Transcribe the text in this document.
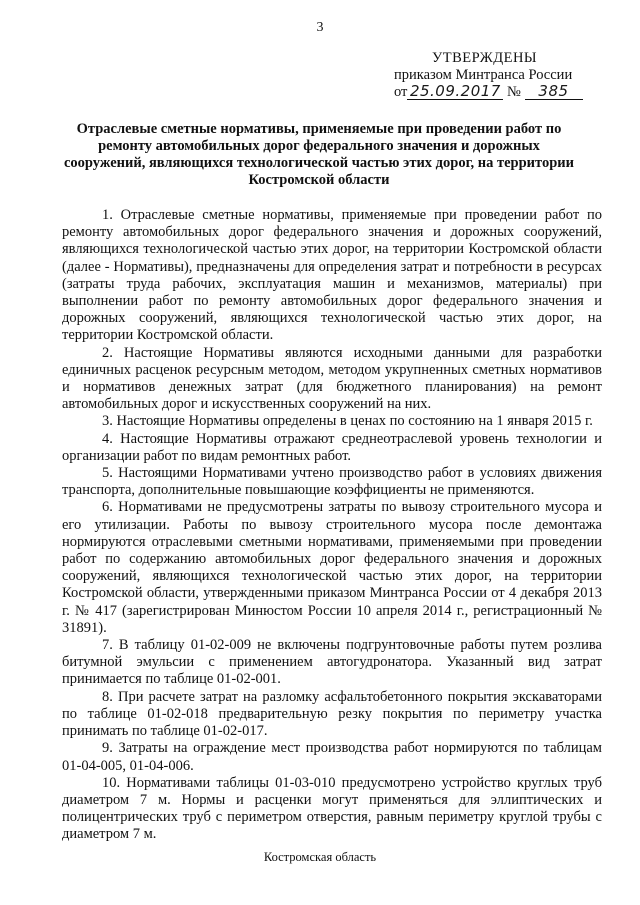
3
УТВЕРЖДЕНЫ
приказом Минтранса России
от 25.09.2017 № 385
Отраслевые сметные нормативы, применяемые при проведении работ по ремонту автомобильных дорог федерального значения и дорожных сооружений, являющихся технологической частью этих дорог, на территории Костромской области

1. Отраслевые сметные нормативы, применяемые при проведении работ по ремонту автомобильных дорог федерального значения и дорожных сооружений, являющихся технологической частью этих дорог, на территории Костромской области (далее - Нормативы), предназначены для определения затрат и потребности в ресурсах (затраты труда рабочих, эксплуатация машин и механизмов, материалы) при выполнении работ по ремонту автомобильных дорог федерального значения и дорожных сооружений, являющихся технологической частью этих дорог, на территории Костромской области.

2. Настоящие Нормативы являются исходными данными для разработки единичных расценок ресурсным методом, методом укрупненных сметных нормативов и нормативов денежных затрат (для бюджетного планирования) на ремонт автомобильных дорог и искусственных сооружений на них.

3. Настоящие Нормативы определены в ценах по состоянию на 1 января 2015 г.

4. Настоящие Нормативы отражают среднеотраслевой уровень технологии и организации работ по видам ремонтных работ.

5. Настоящими Нормативами учтено производство работ в условиях движения транспорта, дополнительные повышающие коэффициенты не применяются.

6. Нормативами не предусмотрены затраты по вывозу строительного мусора и его утилизации. Работы по вывозу строительного мусора после демонтажа нормируются отраслевыми сметными нормативами, применяемыми при проведении работ по содержанию автомобильных дорог федерального значения и дорожных сооружений, являющихся технологической частью этих дорог, на территории Костромской области, утвержденными приказом Минтранса России от 4 декабря 2013 г. № 417 (зарегистрирован Минюстом России 10 апреля 2014 г., регистрационный № 31891).

7. В таблицу 01-02-009 не включены подгрунтовочные работы путем розлива битумной эмульсии с применением автогудронатора. Указанный вид затрат принимается по таблице 01-02-001.

8. При расчете затрат на разломку асфальтобетонного покрытия экскаваторами по таблице 01-02-018 предварительную резку покрытия по периметру участка принимать по таблице 01-02-017.

9. Затраты на ограждение мест производства работ нормируются по таблицам 01-04-005, 01-04-006.

10. Нормативами таблицы 01-03-010 предусмотрено устройство круглых труб диаметром 7 м. Нормы и расценки могут применяться для эллиптических и полицентрических труб с периметром отверстия, равным периметру круглой трубы с диаметром 7 м.

Костромская область
